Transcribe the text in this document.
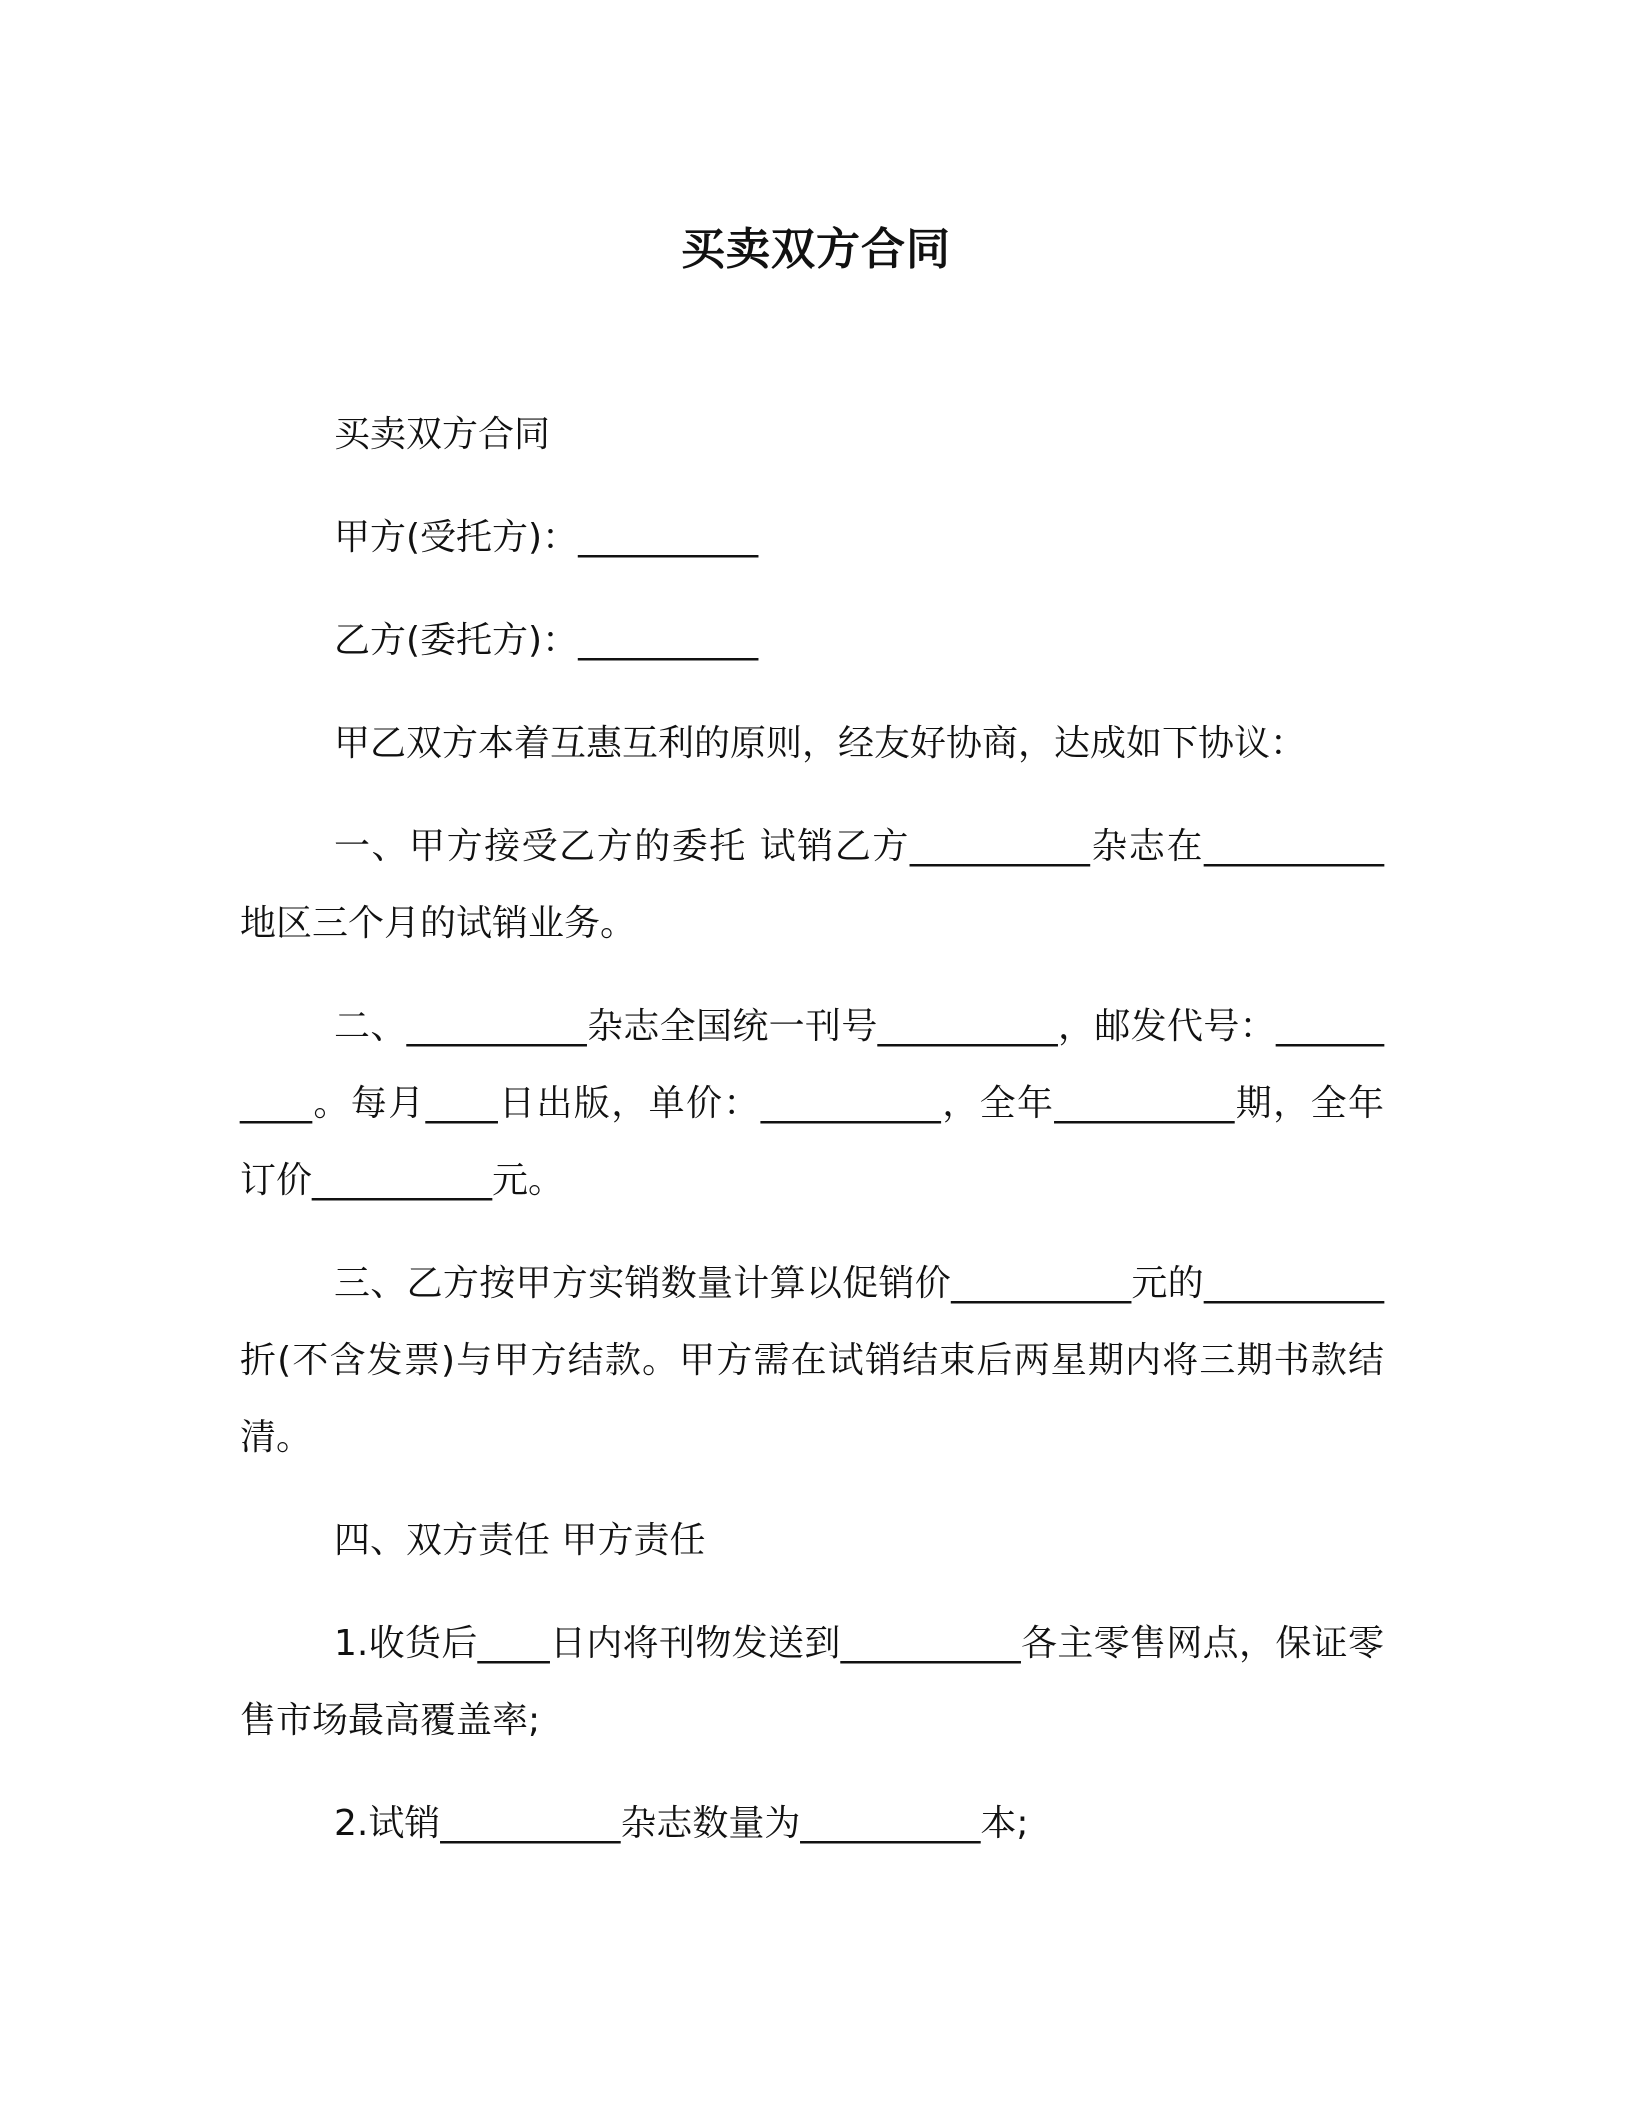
买卖双方合同

买卖双方合同

甲方(受托方)：__________

乙方(委托方)：__________

甲乙双方本着互惠互利的原则，经友好协商，达成如下协议：

一、甲方接受乙方的委托 试销乙方__________杂志在__________地区三个月的试销业务。

二、__________杂志全国统一刊号__________，邮发代号：__________。每月____日出版，单价：__________，全年__________期，全年订价__________元。

三、乙方按甲方实销数量计算以促销价__________元的__________折(不含发票)与甲方结款。甲方需在试销结束后两星期内将三期书款结清。

四、双方责任 甲方责任

1.收货后____日内将刊物发送到__________各主零售网点，保证零售市场最高覆盖率;

2.试销__________杂志数量为__________本;
